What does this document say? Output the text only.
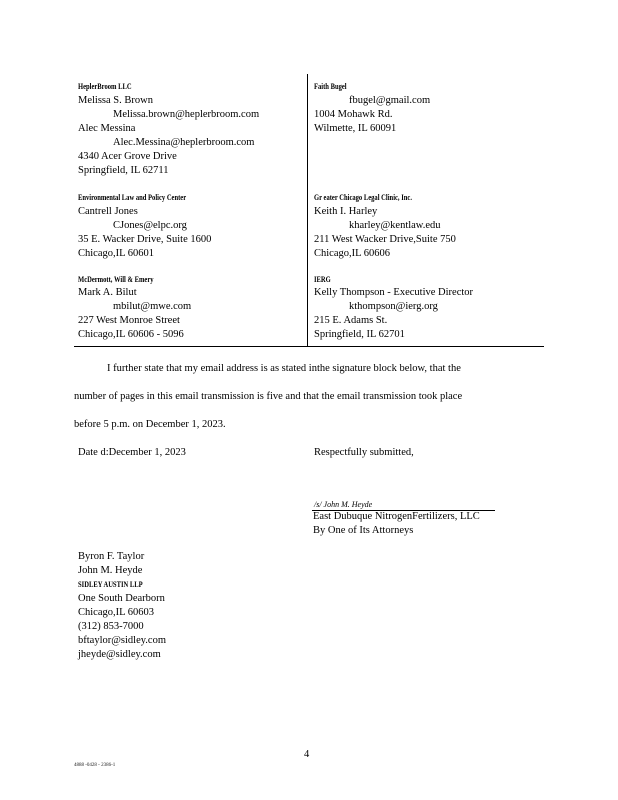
HeplerBroom LLC
Melissa S. Brown
Melissa.brown@heplerbroom.com
Alec Messina
Alec.Messina@heplerbroom.com
4340 Acer Grove Drive
Springfield, IL 62711
Environmental Law and Policy Center
Cantrell Jones
CJones@elpc.org
35 E. Wacker Drive, Suite 1600
Chicago,IL 60601
McDermott, Will & Emery
Mark A. Bilut
mbilut@mwe.com
227 West Monroe Street
Chicago,IL 60606 - 5096
Faith Bugel
fbugel@gmail.com
1004 Mohawk Rd.
Wilmette, IL 60091
Gr eater Chicago Legal Clinic, Inc.
Keith I. Harley
kharley@kentlaw.edu
211 West Wacker Drive,Suite 750
Chicago,IL 60606
IERG
Kelly Thompson - Executive Director
kthompson@ierg.org
215 E. Adams St.
Springfield, IL 62701
I further state that my email address is as stated inthe signature block below, that the
number of pages in this email transmission is five and that the email transmission took place
before 5 p.m. on December 1, 2023.
Date d:December 1, 2023	Respectfully submitted,
/s/ John M. Heyde
East Dubuque NitrogenFertilizers, LLC
By One of Its Attorneys
Byron F. Taylor
John M. Heyde
SIDLEY AUSTIN LLP
One South Dearborn
Chicago,IL 60603
(312) 853-7000
bftaylor@sidley.com
jheyde@sidley.com
4
4888 -0428 - 2386-1
